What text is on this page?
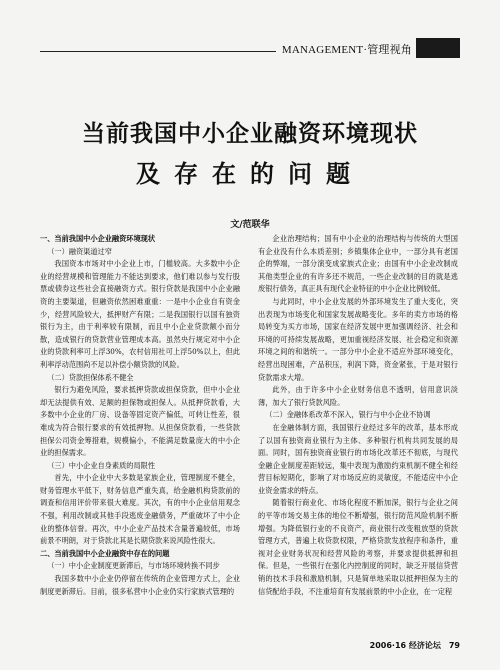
MANAGEMENT·管理视角
当前我国中小企业融资环境现状
及存在的问题
文/范联华

一、当前我国中小企业融资环境现状

（一）融资渠道过窄

我国资本市场对中小企业上市，门槛较高。大多数中小企业的经营规模和管理能力不能达到要求，他们难以参与发行股票或债券这些社会直接融资方式。银行贷款是我国中小企业融资的主要渠道，但融资依然困难重重：一是中小企业自有资金少，经营风险较大，抵押财产有限；二是我国银行以国有独资银行为主，由于利率较有限制，而且中小企业贷款额小而分散，造成银行的贷款营业管理成本高。虽然央行规定对中小企业的贷款利率可上浮30%，农村信用社可上浮50%以上，但此利率浮动范围尚不足以补偿小额贷款的风险。

（二）贷款担保体系不健全

银行为避免风险，要求抵押贷款或担保贷款，但中小企业却无法提供有效、足额的担保物或担保人。从抵押贷款看，大多数中小企业的厂房、设备等固定资产偏低，可转让性差，很难成为符合银行要求的有效抵押物。从担保贷款看，一些贷款担保公司资金筹措难，规模偏小，不能满足数量庞大的中小企业的担保需求。

（三）中小企业自身素质的局限性

首先，中小企业中大多数是家族企业，管理制度不健全，财务管理水平低下，财务信息严重失真，给金融机构贷款前的调查和信用评价带来很大难度。其次，有的中小企业信用观念不强，利用改制或其他手段逃废金融债务，严重破坏了中小企业的整体信誉。再次，中小企业产品技术含量普遍较低，市场前景不明朗，对于贷款北其是长期贷款来说风险性很大。

二、当前我国中小企业融资中存在的问题

（一）中小企业制度更新滞后，与市场环境转换不同步

我国多数中小企业仍停留在传统的企业管理方式上，企业制度更新滞后。目前，很多私营中小企业仍实行家族式管理的

企业治理结构；国有中小企业的治理结构与传统的大型国有企业没有什么本质差别；乡镇集体企业中，一部分具有老国企的弊端，一部分演变成家族式企业；由国有中小企业改制成其他类型企业的有许多还不规范，一些企业改制的目的就是逃废银行债务，真正具有现代企业特征的中小企业比例较低。

与此同时，中小企业发展的外部环境发生了重大变化，突出表现为市场变化和国家发展战略变化。多年的卖方市场的格局转变为买方市场，国家在经济发展中更加强调经济、社会和环境的可持续发展战略，更加重视经济发展、社会稳定和资源环境之间的和谐统一。一部分中小企业不适应外部环境变化，经营出现困难，产品积压，利润下降，资金紧张，于是对银行贷款需求大增。

此外，由于许多中小企业财务信息不透明，信用意识淡薄，加大了银行贷款风险。

（二）金融体系改革不深入，银行与中小企业不协调

在金融体制方面，我国银行业经过多年的改革，基本形成了以国有独资商业银行为主体、多种银行机构共同发展的局面。同时，国有独资商业银行的市场化改革还不彻底，与现代金融企业制度差距较远，集中表现为激励约束机制不健全和经营目标短期化，影响了对市场反应的灵敏度，不能适应中小企业资金需求的特点。

随着银行商业化、市场化程度不断加深，银行与企业之间的平等市场交易主体的地位不断增强，银行防范风险机制不断增强。为降低银行业的不良资产，商业银行改变粗放型的贷款管理方式，普遍上收贷款权限，严格贷款发放程序和条件，重视对企业财务状况和经营风险的考察，并要求提供抵押和担保。但是，一些银行在强化内控制度的同时，缺乏开展信贷营销的技术手段和激励机制，只是简单地采取以抵押担保为主的信贷配给手段，不注重培育有发展前景的中小企业，在一定程

2006·16 经济论坛　79
